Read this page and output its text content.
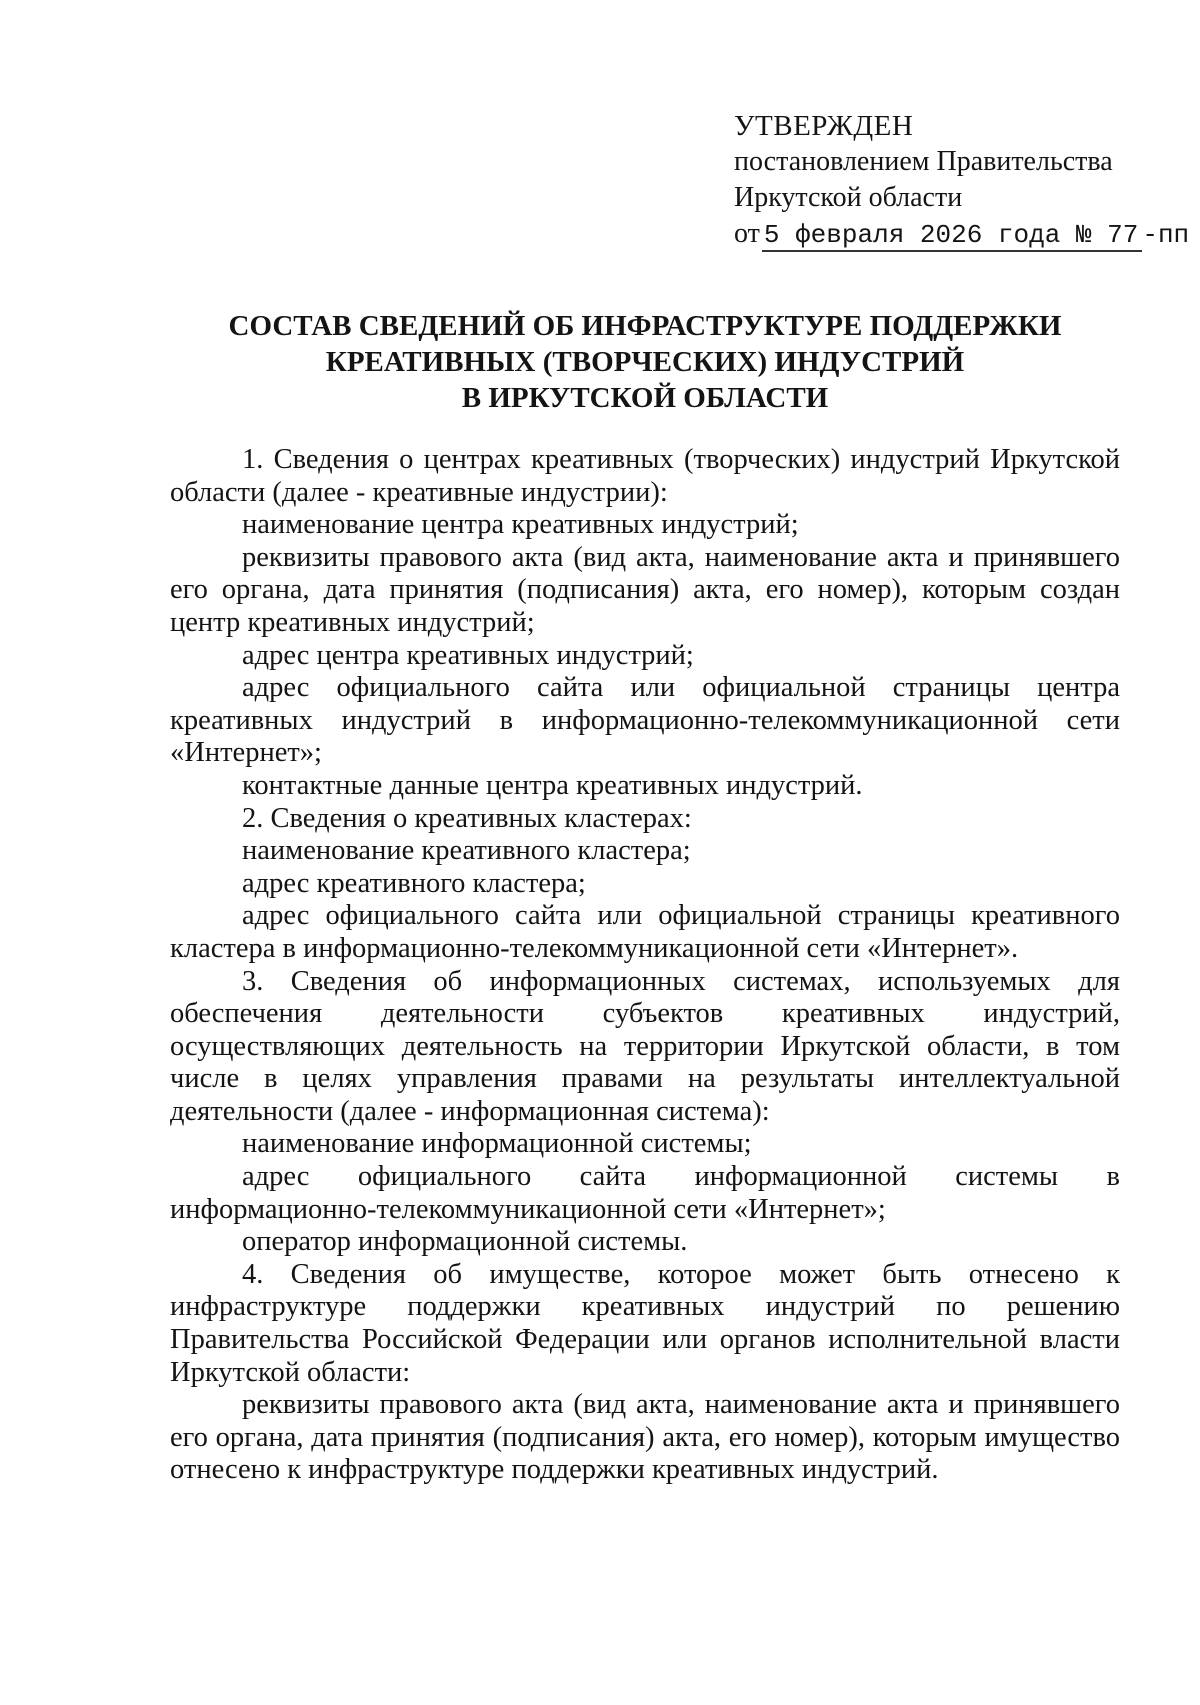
УТВЕРЖДЕН
постановлением Правительства
Иркутской области
от 5 февраля 2026 года № 77 -пп
СОСТАВ СВЕДЕНИЙ ОБ ИНФРАСТРУКТУРЕ ПОДДЕРЖКИ
КРЕАТИВНЫХ (ТВОРЧЕСКИХ) ИНДУСТРИЙ
В ИРКУТСКОЙ ОБЛАСТИ

1. Сведения о центрах креативных (творческих) индустрий Иркутской области (далее - креативные индустрии):

наименование центра креативных индустрий;

реквизиты правового акта (вид акта, наименование акта и принявшего его органа, дата принятия (подписания) акта, его номер), которым создан центр креативных индустрий;

адрес центра креативных индустрий;

адрес официального сайта или официальной страницы центра креативных индустрий в информационно-телекоммуникационной сети «Интернет»;

контактные данные центра креативных индустрий.

2. Сведения о креативных кластерах:

наименование креативного кластера;

адрес креативного кластера;

адрес официального сайта или официальной страницы креативного кластера в информационно-телекоммуникационной сети «Интернет».

3. Сведения об информационных системах, используемых для обеспечения деятельности субъектов креативных индустрий, осуществляющих деятельность на территории Иркутской области, в том числе в целях управления правами на результаты интеллектуальной деятельности (далее - информационная система):

наименование информационной системы;

адрес официального сайта информационной системы в информационно-телекоммуникационной сети «Интернет»;

оператор информационной системы.

4. Сведения об имуществе, которое может быть отнесено к инфраструктуре поддержки креативных индустрий по решению Правительства Российской Федерации или органов исполнительной власти Иркутской области:

реквизиты правового акта (вид акта, наименование акта и принявшего его органа, дата принятия (подписания) акта, его номер), которым имущество отнесено к инфраструктуре поддержки креативных индустрий.
